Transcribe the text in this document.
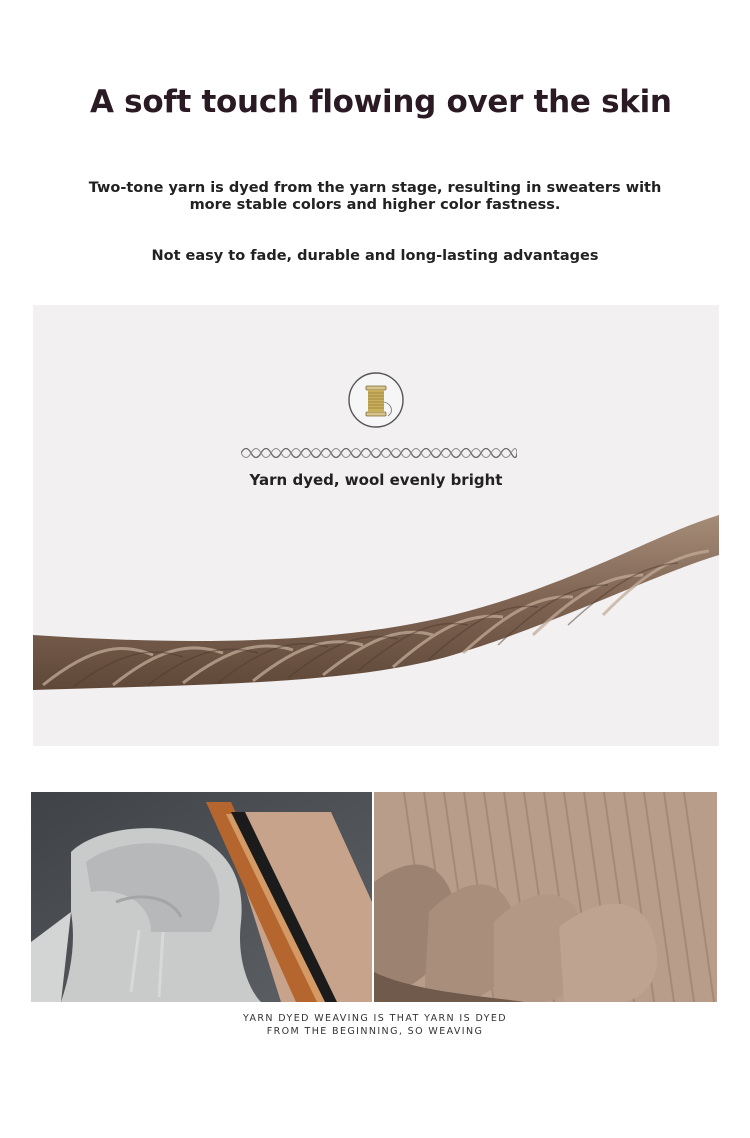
A soft touch flowing over the skin
Two-tone yarn is dyed from the yarn stage, resulting in sweaters with
more stable colors and higher color fastness.
Not easy to fade, durable and long-lasting advantages
Yarn dyed, wool evenly bright
YARN DYED WEAVING IS THAT YARN IS DYED
FROM THE BEGINNING, SO WEAVING
